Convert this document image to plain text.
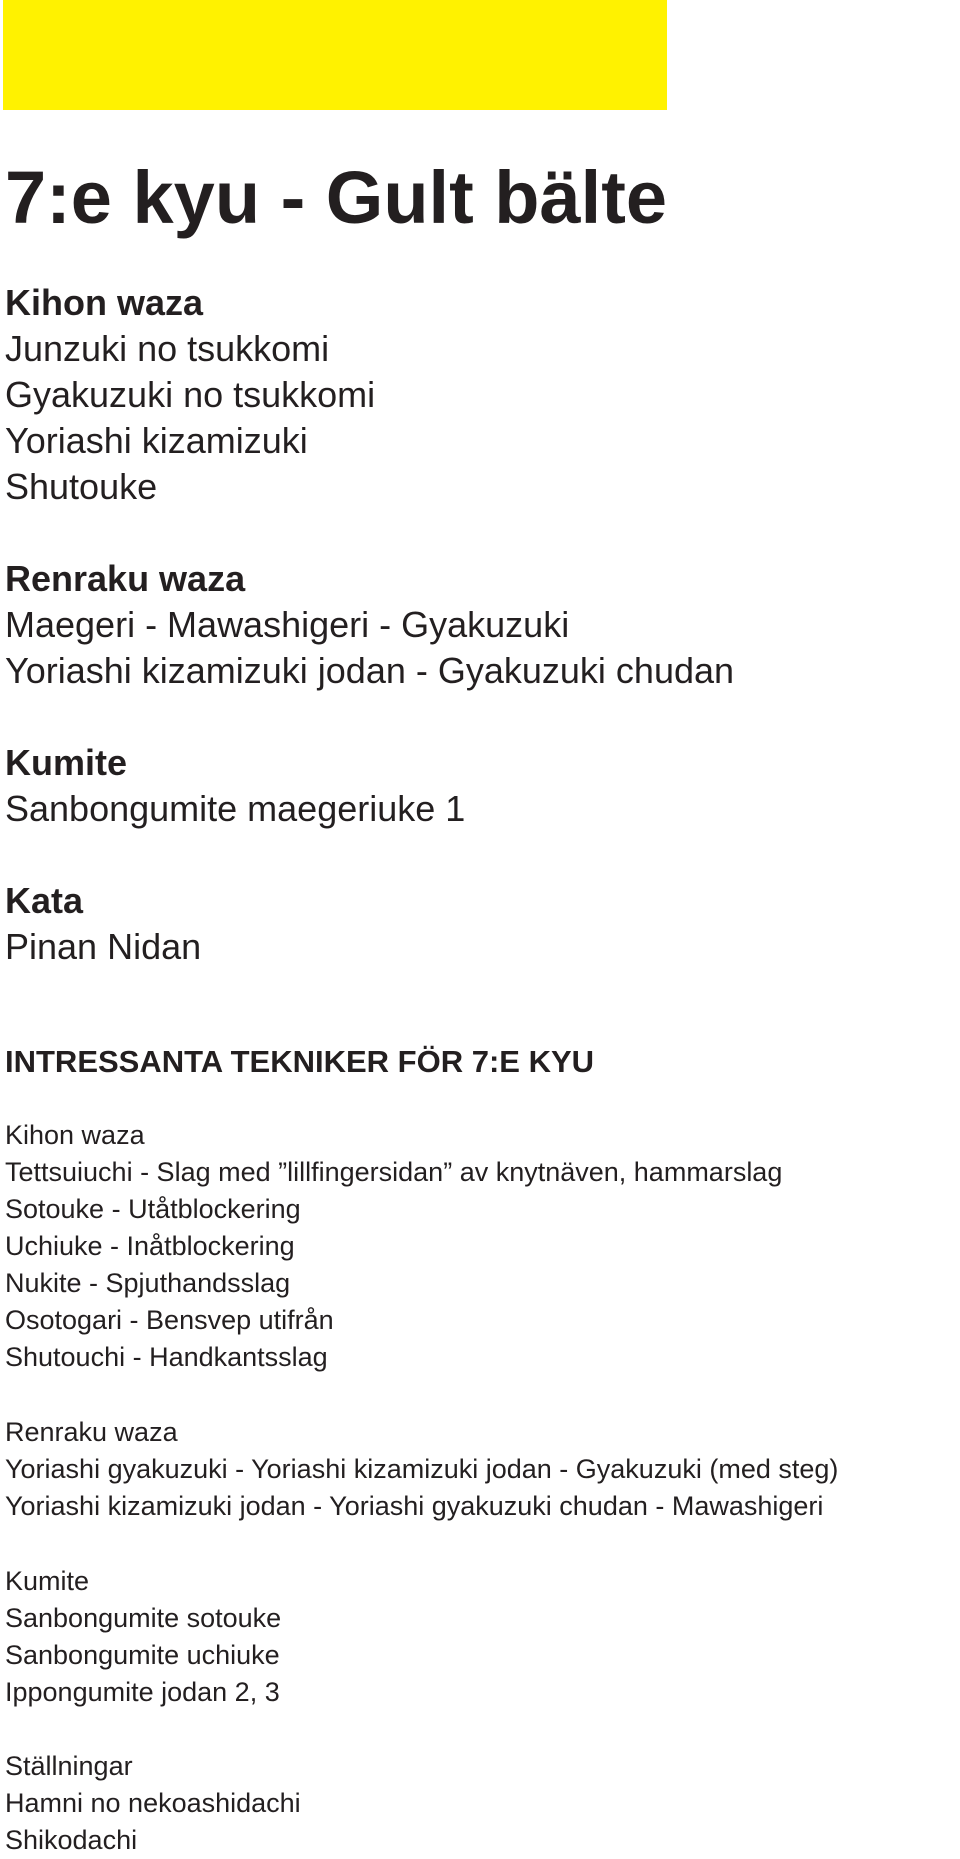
7:e kyu - Gult bälte
Kihon waza
Junzuki no tsukkomi
Gyakuzuki no tsukkomi
Yoriashi kizamizuki
Shutouke
Renraku waza
Maegeri - Mawashigeri - Gyakuzuki
Yoriashi kizamizuki jodan - Gyakuzuki chudan
Kumite
Sanbongumite maegeriuke 1
Kata
Pinan Nidan
INTRESSANTA TEKNIKER FÖR 7:E KYU
Kihon waza
Tettsuiuchi - Slag med ”lillfingersidan” av knytnäven, hammarslag
Sotouke - Utåtblockering
Uchiuke - Inåtblockering
Nukite - Spjuthandsslag
Osotogari - Bensvep utifrån
Shutouchi - Handkantsslag
Renraku waza
Yoriashi gyakuzuki - Yoriashi kizamizuki jodan - Gyakuzuki (med steg)
Yoriashi kizamizuki jodan - Yoriashi gyakuzuki chudan - Mawashigeri
Kumite
Sanbongumite sotouke
Sanbongumite uchiuke
Ippongumite jodan 2, 3
Ställningar
Hamni no nekoashidachi
Shikodachi
